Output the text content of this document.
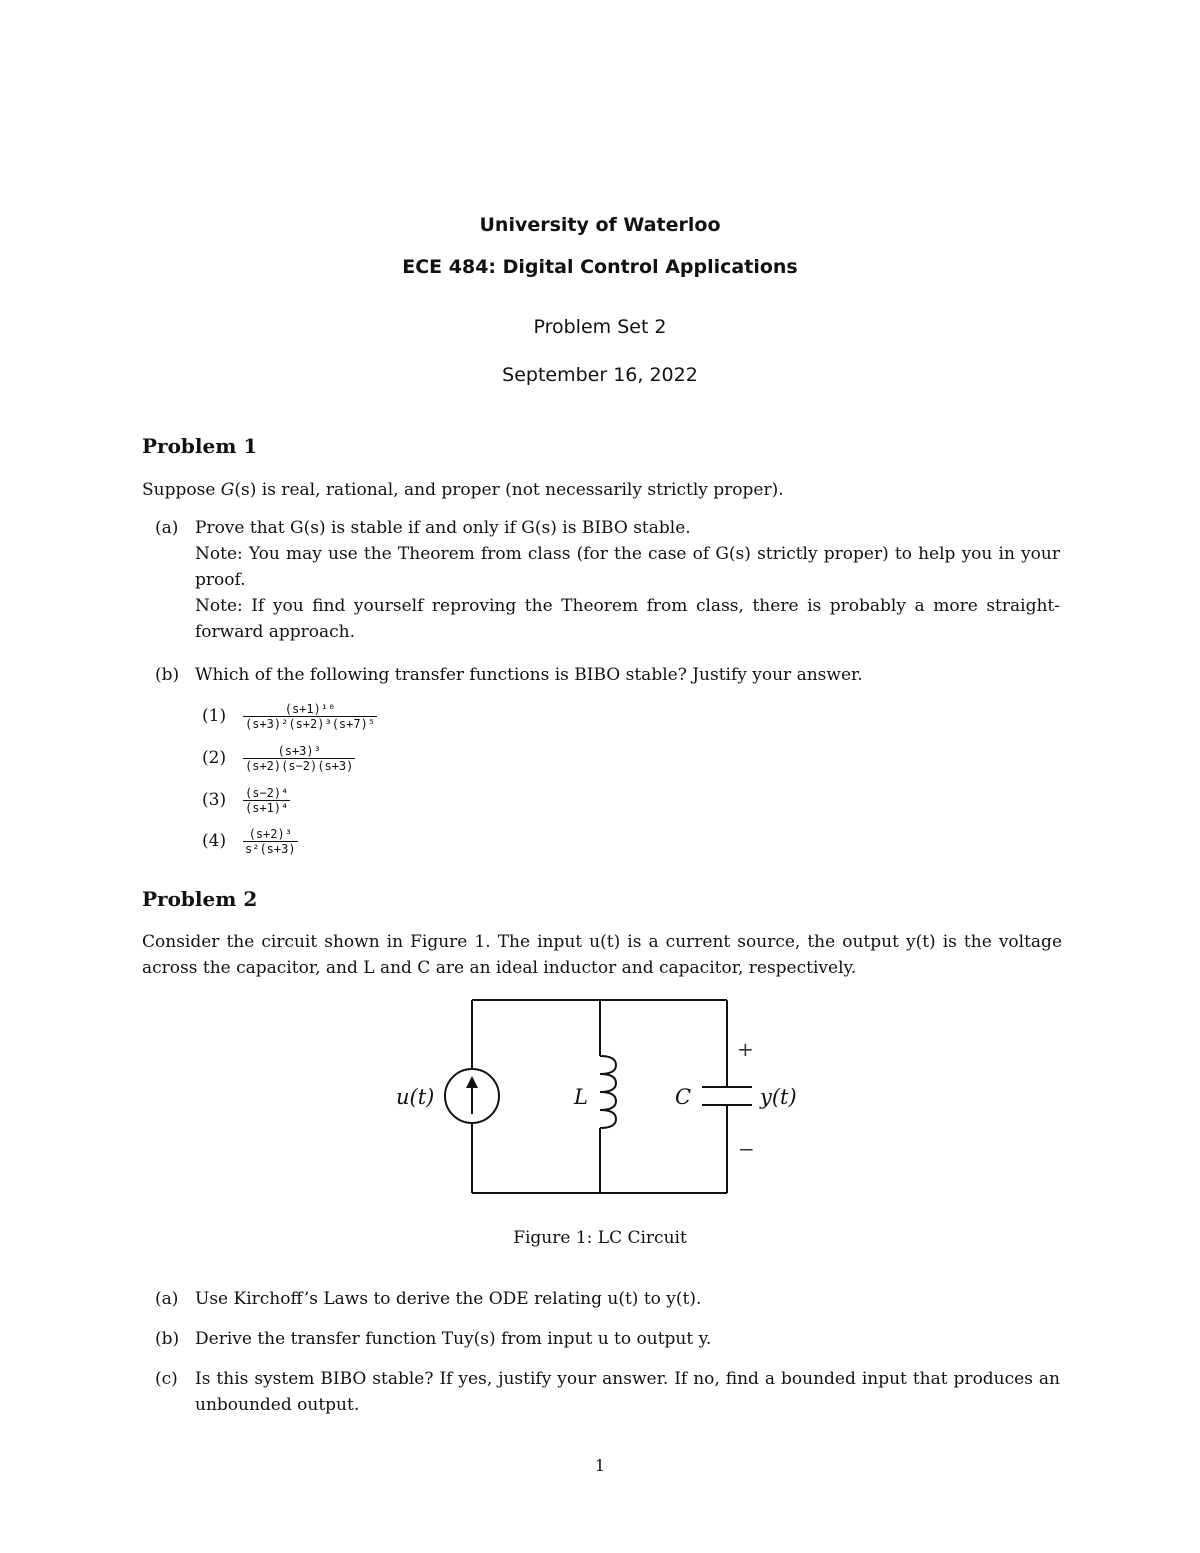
University of Waterloo
ECE 484: Digital Control Applications
Problem Set 2
September 16, 2022
Problem 1
Suppose G(s) is real, rational, and proper (not necessarily strictly proper).
(a) Prove that G(s) is stable if and only if G(s) is BIBO stable.
Note: You may use the Theorem from class (for the case of G(s) strictly proper) to help you in your proof.
Note: If you find yourself reproving the Theorem from class, there is probably a more straight-forward approach.
(b) Which of the following transfer functions is BIBO stable? Justify your answer.
$(1) \frac{\text{(s+1)¹⁰}}{\text{(s+3)²(s+2)³(s+7)⁵}}$
$(2) \frac{\text{(s+3)³}}{(s+2)(s-2)(s+3)}$
$(3) \frac{\text{(s−2)⁴}}{\text{(s+1)⁴}}$
$(4) \frac{\text{(s+2)³}}{\text{s²(s+3)}}$
Problem 2
Consider the circuit shown in Figure 1. The input u(t) is a current source, the output y(t) is the voltage across the capacitor, and L and C are an ideal inductor and capacitor, respectively.
u(t)	L	C	y(t)
+
−
Figure 1: LC Circuit
(a) Use Kirchoff’s Laws to derive the ODE relating u(t) to y(t).
(b) Derive the transfer function Tuy(s) from input u to output y.
(c) Is this system BIBO stable? If yes, justify your answer. If no, find a bounded input that produces an unbounded output.
1
